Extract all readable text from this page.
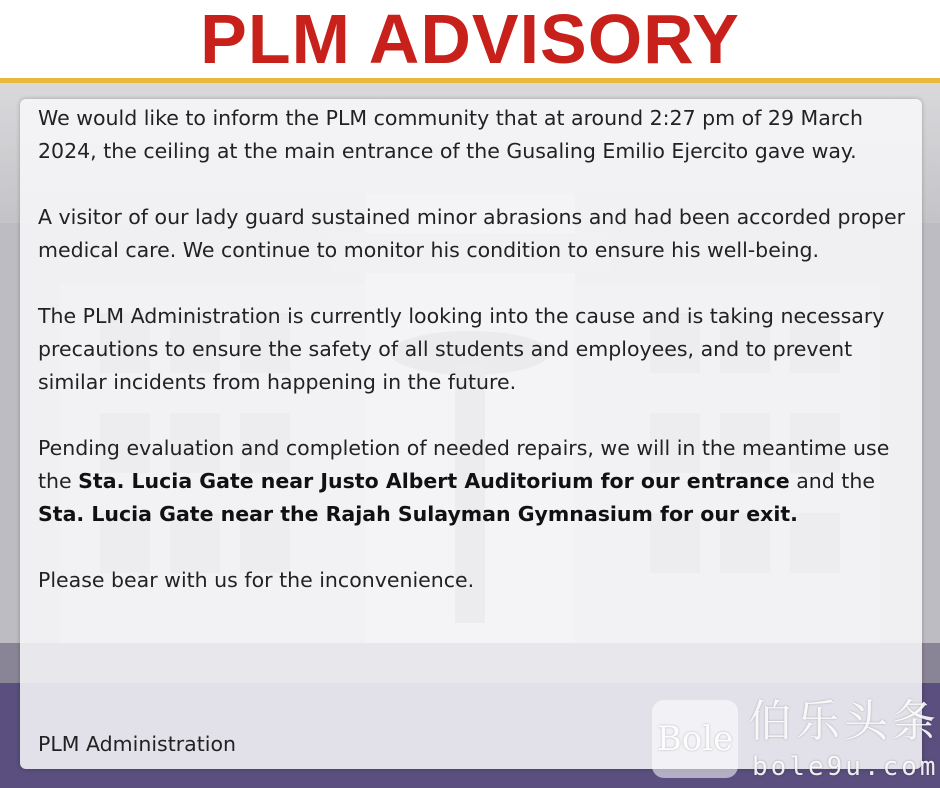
PLM ADVISORY

We would like to inform the PLM community that at around 2:27 pm of 29 March 2024, the ceiling at the main entrance of the Gusaling Emilio Ejercito gave way.

A visitor of our lady guard sustained minor abrasions and had been accorded proper medical care. We continue to monitor his condition to ensure his well-being.

The PLM Administration is currently looking into the cause and is taking necessary precautions to ensure the safety of all students and employees, and to prevent similar incidents from happening in the future.

Pending evaluation and completion of needed repairs, we will in the meantime use the Sta. Lucia Gate near Justo Albert Auditorium for our entrance and the Sta. Lucia Gate near the Rajah Sulayman Gymnasium for our exit.

Please bear with us for the inconvenience.

PLM Administration	Bole 伯乐头条
bole9u.com
